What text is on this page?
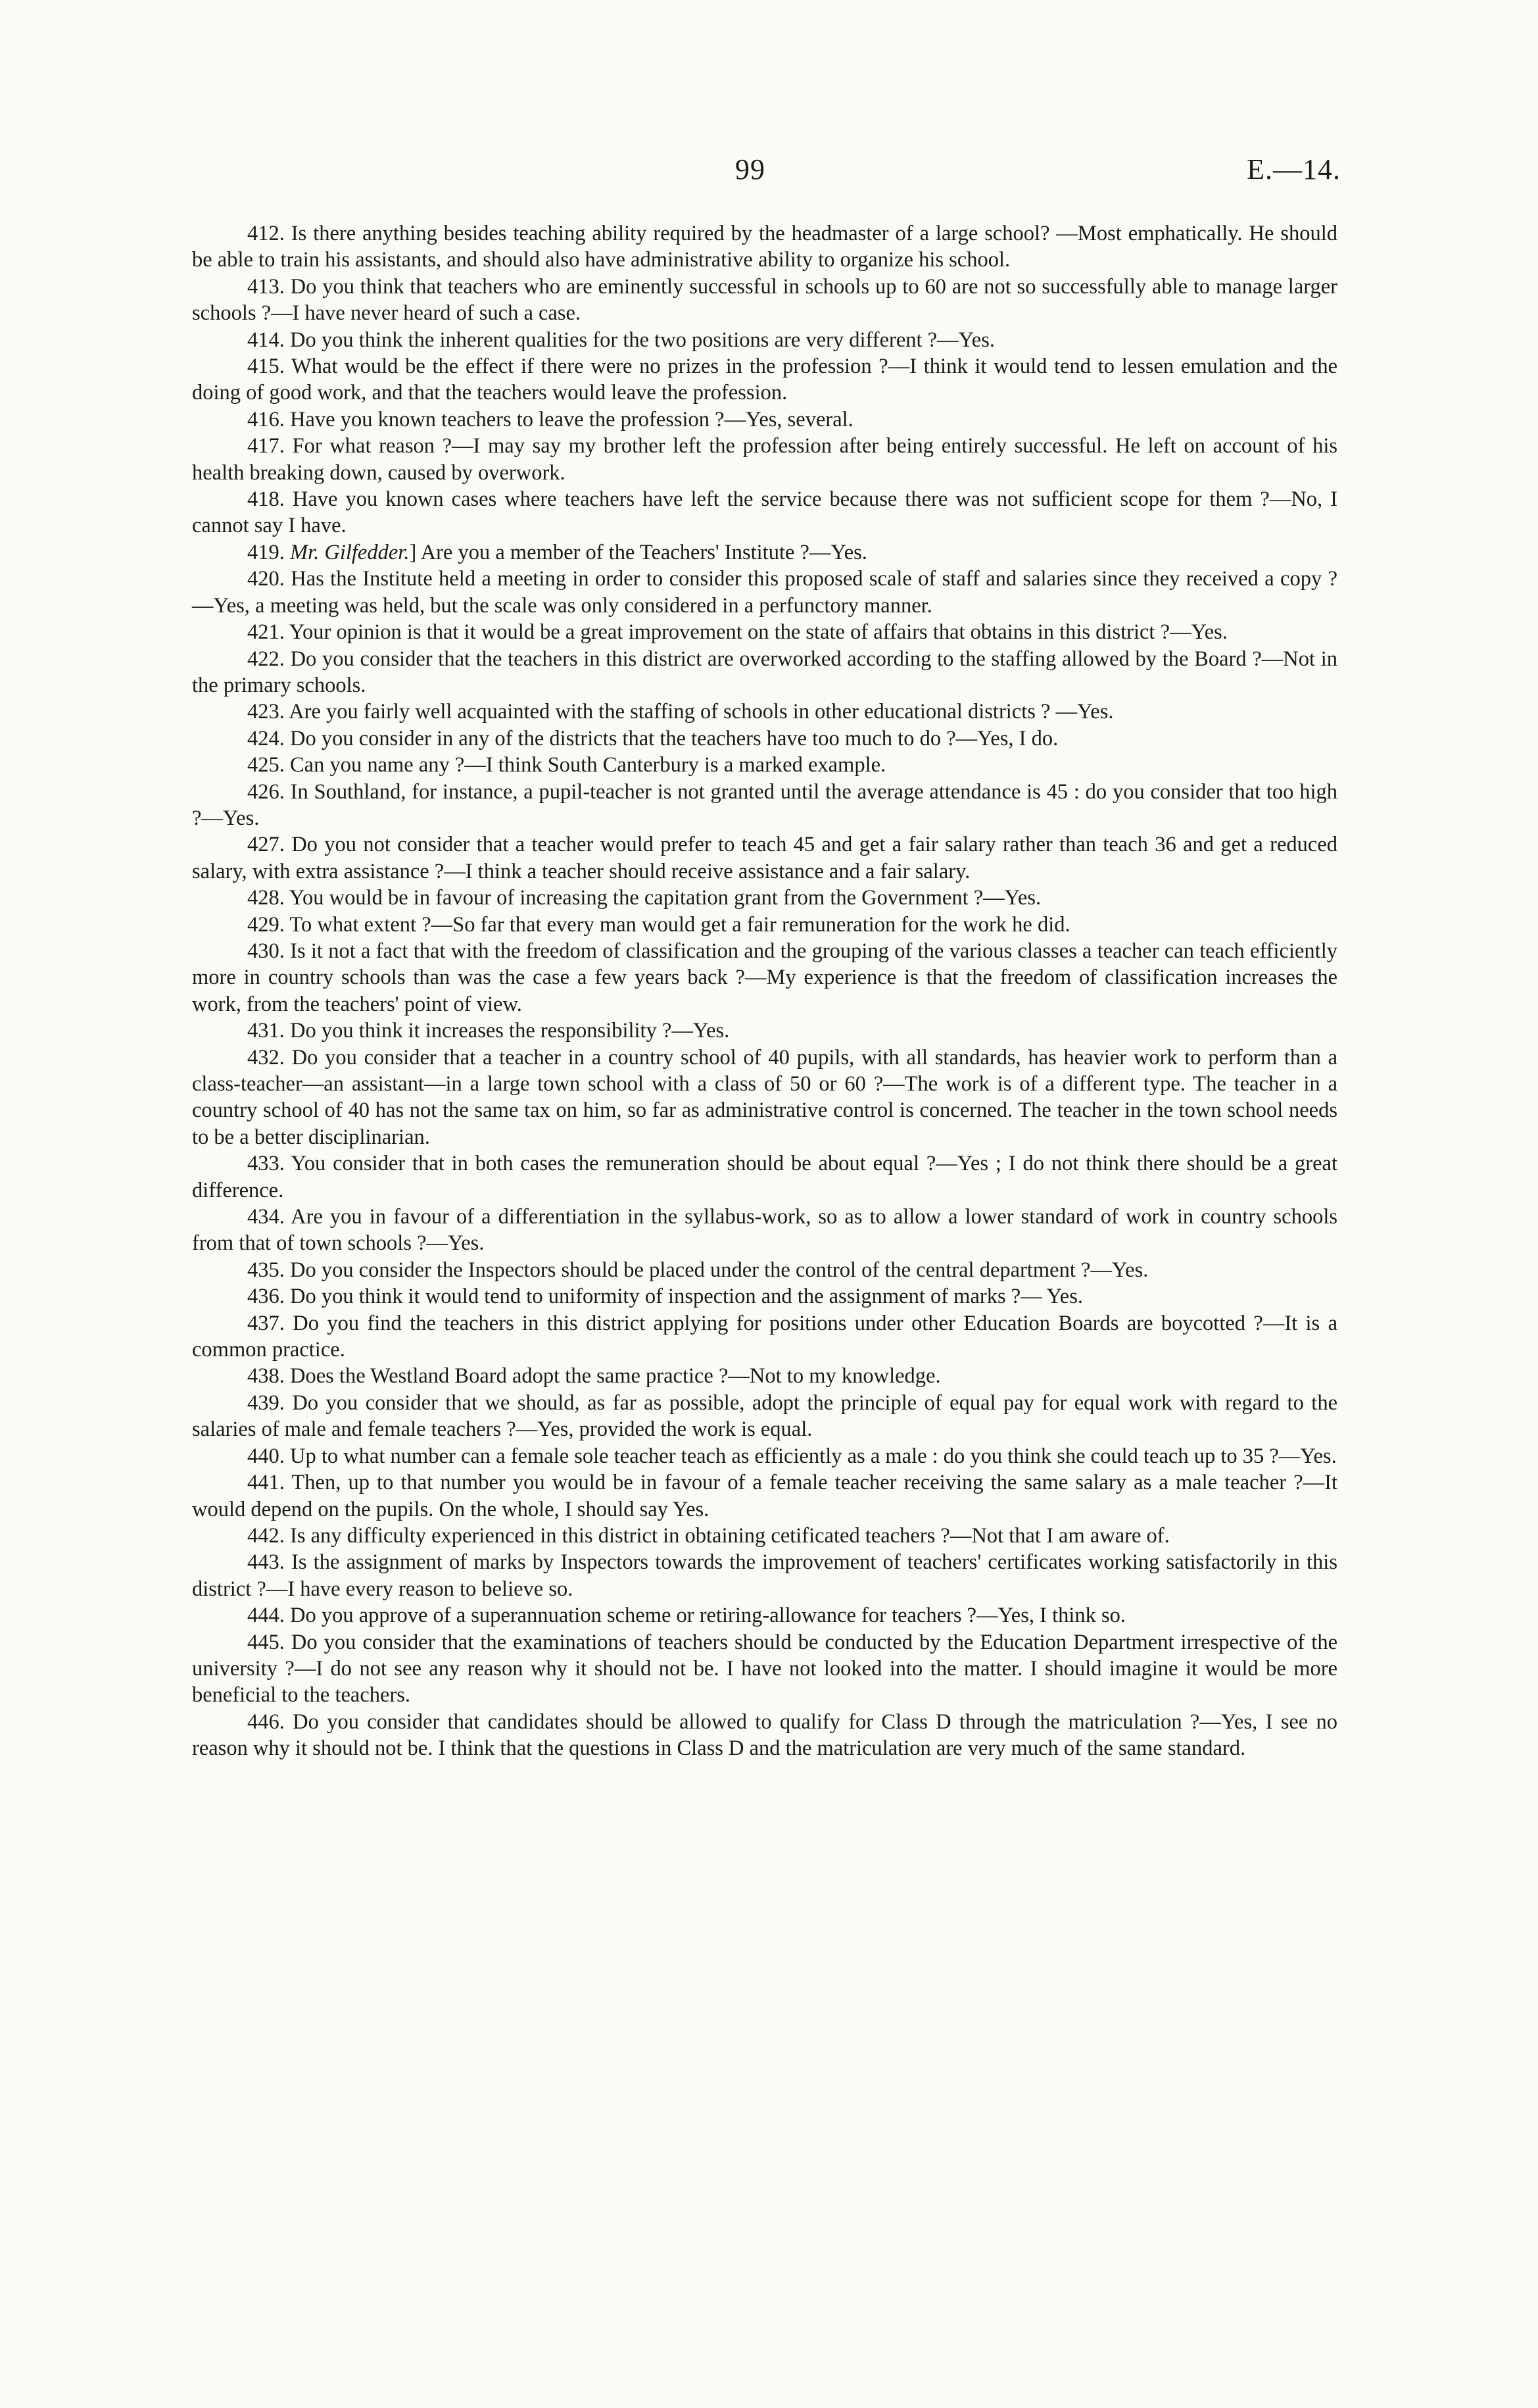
99	E.—14.

412. Is there anything besides teaching ability required by the headmaster of a large school? —Most emphatically. He should be able to train his assistants, and should also have administrative ability to organize his school.

413. Do you think that teachers who are eminently successful in schools up to 60 are not so successfully able to manage larger schools ?—I have never heard of such a case.

414. Do you think the inherent qualities for the two positions are very different ?—Yes.

415. What would be the effect if there were no prizes in the profession ?—I think it would tend to lessen emulation and the doing of good work, and that the teachers would leave the profession.

416. Have you known teachers to leave the profession ?—Yes, several.

417. For what reason ?—I may say my brother left the profession after being entirely successful. He left on account of his health breaking down, caused by overwork.

418. Have you known cases where teachers have left the service because there was not sufficient scope for them ?—No, I cannot say I have.

419. Mr. Gilfedder.] Are you a member of the Teachers' Institute ?—Yes.

420. Has the Institute held a meeting in order to consider this proposed scale of staff and salaries since they received a copy ?—Yes, a meeting was held, but the scale was only considered in a perfunctory manner.

421. Your opinion is that it would be a great improvement on the state of affairs that obtains in this district ?—Yes.

422. Do you consider that the teachers in this district are overworked according to the staffing allowed by the Board ?—Not in the primary schools.

423. Are you fairly well acquainted with the staffing of schools in other educational districts ? —Yes.

424. Do you consider in any of the districts that the teachers have too much to do ?—Yes, I do.

425. Can you name any ?—I think South Canterbury is a marked example.

426. In Southland, for instance, a pupil-teacher is not granted until the average attendance is 45 : do you consider that too high ?—Yes.

427. Do you not consider that a teacher would prefer to teach 45 and get a fair salary rather than teach 36 and get a reduced salary, with extra assistance ?—I think a teacher should receive assistance and a fair salary.

428. You would be in favour of increasing the capitation grant from the Government ?—Yes.

429. To what extent ?—So far that every man would get a fair remuneration for the work he did.

430. Is it not a fact that with the freedom of classification and the grouping of the various classes a teacher can teach efficiently more in country schools than was the case a few years back ?—My experience is that the freedom of classification increases the work, from the teachers' point of view.

431. Do you think it increases the responsibility ?—Yes.

432. Do you consider that a teacher in a country school of 40 pupils, with all standards, has heavier work to perform than a class-teacher—an assistant—in a large town school with a class of 50 or 60 ?—The work is of a different type. The teacher in a country school of 40 has not the same tax on him, so far as administrative control is concerned. The teacher in the town school needs to be a better disciplinarian.

433. You consider that in both cases the remuneration should be about equal ?—Yes ; I do not think there should be a great difference.

434. Are you in favour of a differentiation in the syllabus-work, so as to allow a lower standard of work in country schools from that of town schools ?—Yes.

435. Do you consider the Inspectors should be placed under the control of the central department ?—Yes.

436. Do you think it would tend to uniformity of inspection and the assignment of marks ?— Yes.

437. Do you find the teachers in this district applying for positions under other Education Boards are boycotted ?—It is a common practice.

438. Does the Westland Board adopt the same practice ?—Not to my knowledge.

439. Do you consider that we should, as far as possible, adopt the principle of equal pay for equal work with regard to the salaries of male and female teachers ?—Yes, provided the work is equal.

440. Up to what number can a female sole teacher teach as efficiently as a male : do you think she could teach up to 35 ?—Yes.

441. Then, up to that number you would be in favour of a female teacher receiving the same salary as a male teacher ?—It would depend on the pupils. On the whole, I should say Yes.

442. Is any difficulty experienced in this district in obtaining cetificated teachers ?—Not that I am aware of.

443. Is the assignment of marks by Inspectors towards the improvement of teachers' certificates working satisfactorily in this district ?—I have every reason to believe so.

444. Do you approve of a superannuation scheme or retiring-allowance for teachers ?—Yes, I think so.

445. Do you consider that the examinations of teachers should be conducted by the Education Department irrespective of the university ?—I do not see any reason why it should not be. I have not looked into the matter. I should imagine it would be more beneficial to the teachers.

446. Do you consider that candidates should be allowed to qualify for Class D through the matriculation ?—Yes, I see no reason why it should not be. I think that the questions in Class D and the matriculation are very much of the same standard.
